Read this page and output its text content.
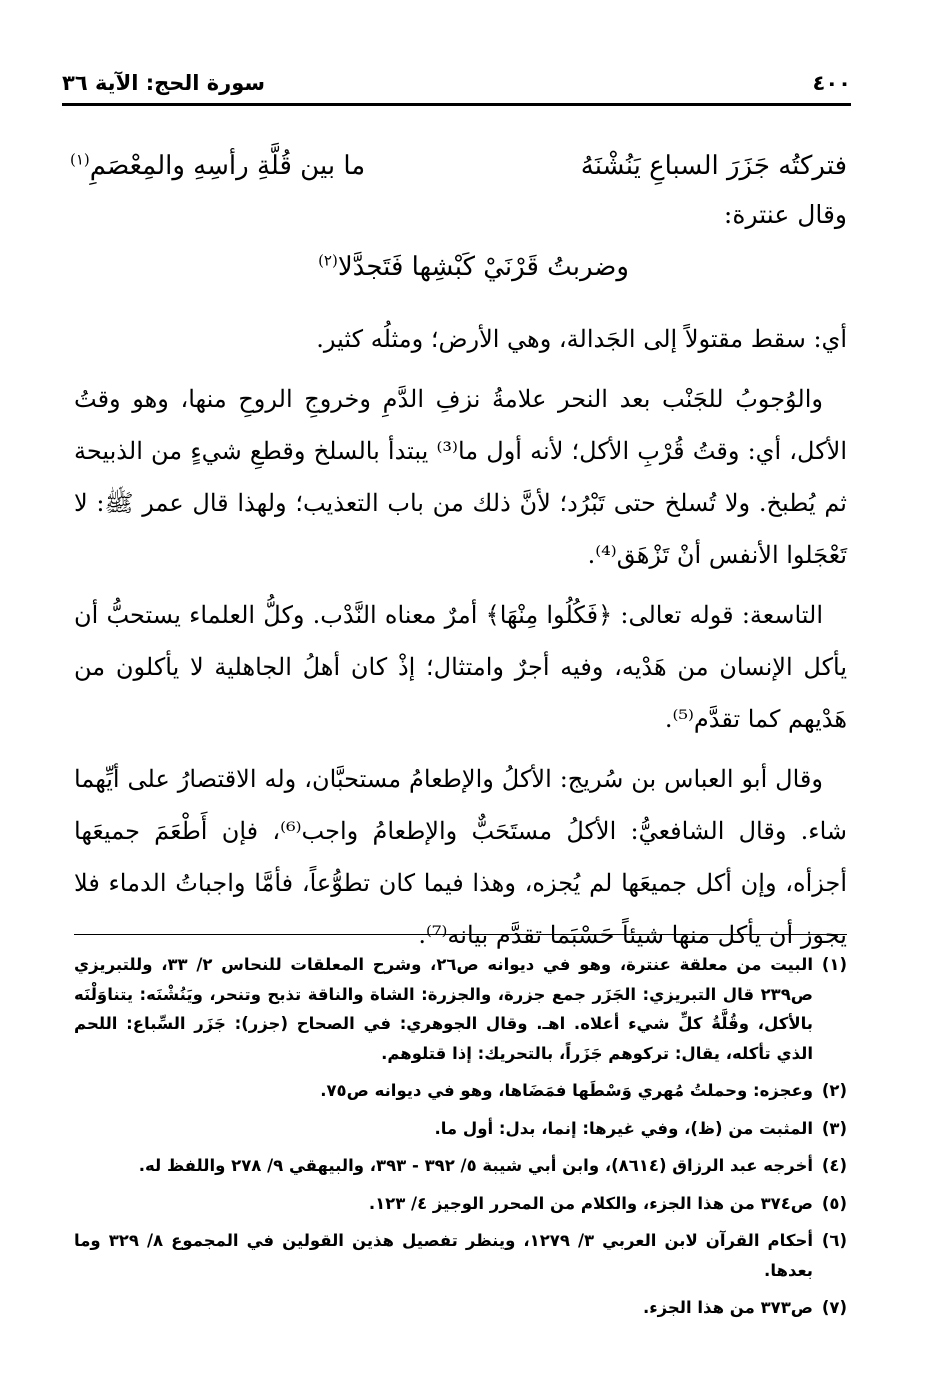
٤٠٠
سورة الحج: الآية ٣٦
فتركتُه جَزَرَ السباعِ يَنُشْنَهُ
ما بين قُلَّةِ رأسِهِ والمِعْصَمِ$^{(١)}$
وقال عنترة:
وضربتُ قَرْنَيْ كَبْشِها فَتَجدَّلا$^{(٢)}$

أي: سقط مقتولاً إلى الجَدالة، وهي الأرض؛ ومثلُه كثير.

والوُجوبُ للجَنْب بعد النحر علامةُ نزفِ الدَّمِ وخروجِ الروحِ منها، وهو وقتُ الأكل، أي: وقتُ قُرْبِ الأكل؛ لأنه أول ما⁽³⁾ يبتدأ بالسلخ وقطعِ شيءٍ من الذبيحة ثم يُطبخ. ولا تُسلخ حتى تَبْرُد؛ لأنَّ ذلك من باب التعذيب؛ ولهذا قال عمر ﷺ: لا تَعْجَلوا الأنفس أنْ تَزْهَق⁽⁴⁾.

التاسعة: قوله تعالى: ﴿فَكُلُوا مِنْهَا﴾ أمرٌ معناه النَّدْب. وكلُّ العلماء يستحبُّ أن يأكل الإنسان من هَدْيه، وفيه أجرٌ وامتثال؛ إذْ كان أهلُ الجاهلية لا يأكلون من هَدْيهم كما تقدَّم⁽⁵⁾.

وقال أبو العباس بن سُريج: الأكلُ والإطعامُ مستحبَّان، وله الاقتصارُ على أيِّهما شاء. وقال الشافعيُّ: الأكلُ مستَحَبٌّ والإطعامُ واجب⁽⁶⁾، فإن أَطْعَمَ جميعَها أجزأه، وإن أكل جميعَها لم يُجزه، وهذا فيما كان تطوُّعاً، فأمَّا واجباتُ الدماء فلا يجوز أن يأكل منها شيئاً حَسْبَما تقدَّم بيانه⁽⁷⁾.

(١)
البيت من معلقة عنترة، وهو في ديوانه ص٢٦، وشرح المعلقات للنحاس ٢/ ٣٣، وللتبريزي ص٢٣٩ قال التبريزي: الجَزَر جمع جزرة، والجزرة: الشاة والناقة تذبح وتنحر، ويَنُشْنَه: يتناوَلْنَه بالأكل، وقُلَّةُ كلِّ شيء أعلاه. اهـ. وقال الجوهري: في الصحاح (جزر): جَزَر السِّباع: اللحم الذي تأكله، يقال: تركوهم جَزَراً، بالتحريك: إذا قتلوهم.
(٢)
وعجزه: وحملتُ مُهري وَسْطَها فمَضَاها، وهو في ديوانه ص٧٥.
(٣)
المثبت من (ظ)، وفي غيرها: إنما، بدل: أول ما.
(٤)
أخرجه عبد الرزاق (٨٦١٤)، وابن أبي شيبة ٥/ ٣٩٢ - ٣٩٣، والبيهقي ٩/ ٢٧٨ واللفظ له.
(٥)
ص٣٧٤ من هذا الجزء، والكلام من المحرر الوجيز ٤/ ١٢٣.
(٦)
أحكام القرآن لابن العربي ٣/ ١٢٧٩، وينظر تفصيل هذين القولين في المجموع ٨/ ٣٢٩ وما بعدها.
(٧)
ص٣٧٣ من هذا الجزء.
